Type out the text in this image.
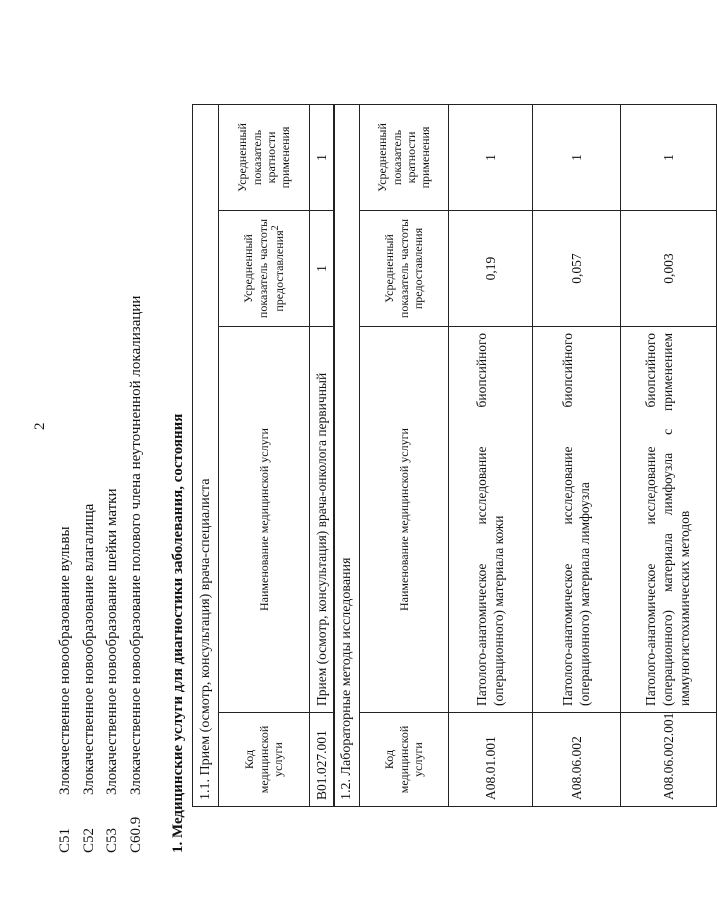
2
C51
Злокачественное новообразование вульвы
C52
Злокачественное новообразование влагалища
C53
Злокачественное новообразование шейки матки
C60.9
Злокачественное новообразование полового члена неуточненной локализации 1. Медицинские услуги для диагностики заболевания, состояния 1.1. Прием (осмотр, консультация) врача-специалиста			
Код медицинской услуги	Наименование медицинской услуги	Усредненный показатель частоты предоставления$^2$	Усредненный показатель кратности применения
B01.027.001	Прием (осмотр, консультация) врача-онколога первичный	1	1
1.2. Лабораторные методы исследования			
Код медицинской услуги	Наименование медицинской услуги	Усредненный показатель частоты предоставления	Усредненный показатель кратности применения
A08.01.001	Патолого-анатомическое исследование биопсийного (операционного) материала кожи	0,19	1
A08.06.002	Патолого-анатомическое исследование биопсийного (операционного) материала лимфоузла	0,057	1
A08.06.002.001	Патолого-анатомическое исследование биопсийного (операционного) материала лимфоузла с применением иммуногистохимических методов	0,003	1
